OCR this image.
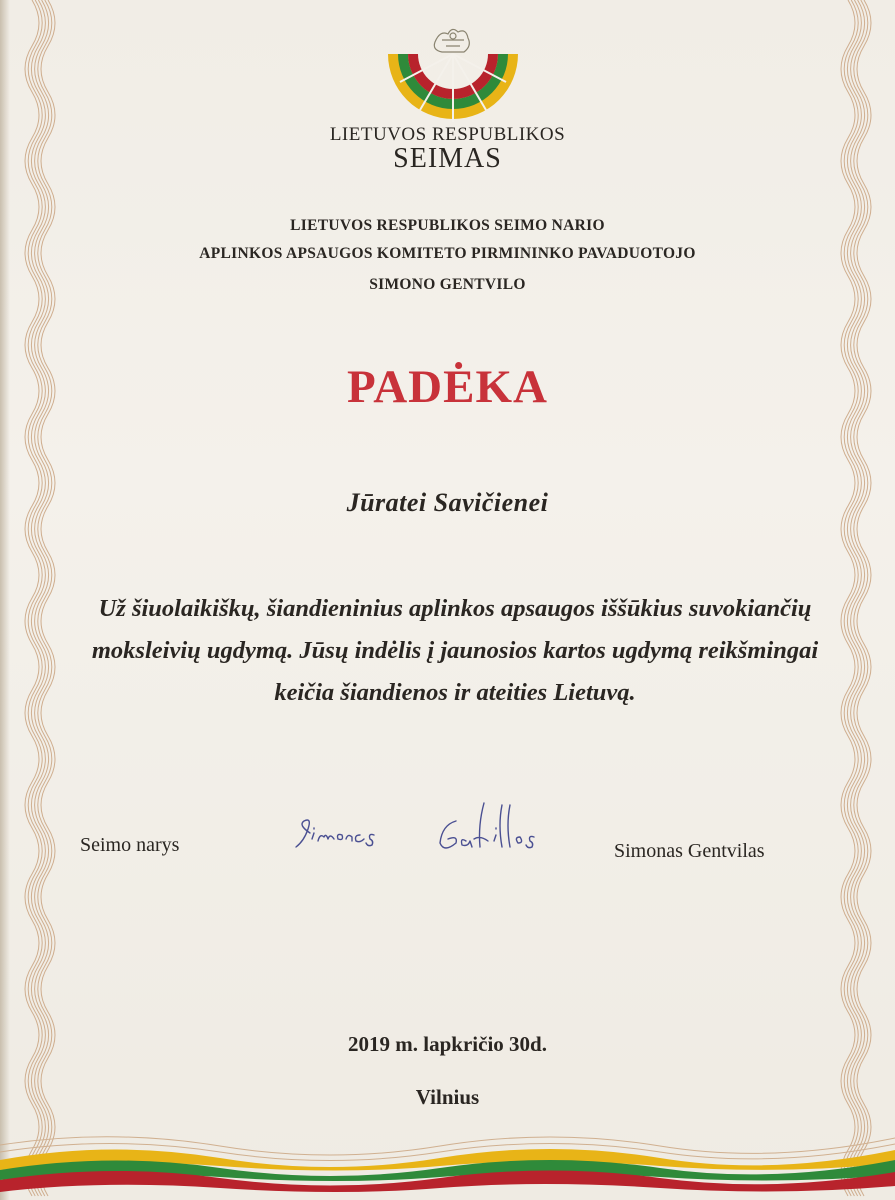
LIETUVOS RESPUBLIKOS

SEIMAS

LIETUVOS RESPUBLIKOS SEIMO NARIO

APLINKOS APSAUGOS KOMITETO PIRMININKO PAVADUOTOJO

SIMONO GENTVILO

PADĖKA

Jūratei Savičienei

Už šiuolaikiškų, šiandieninius aplinkos apsaugos iššūkius suvokiančių moksleivių ugdymą. Jūsų indėlis į jaunosios kartos ugdymą reikšmingai keičia šiandienos ir ateities Lietuvą.

Seimo narys	Simonas Gentvilas

2019 m. lapkričio 30d.

Vilnius
